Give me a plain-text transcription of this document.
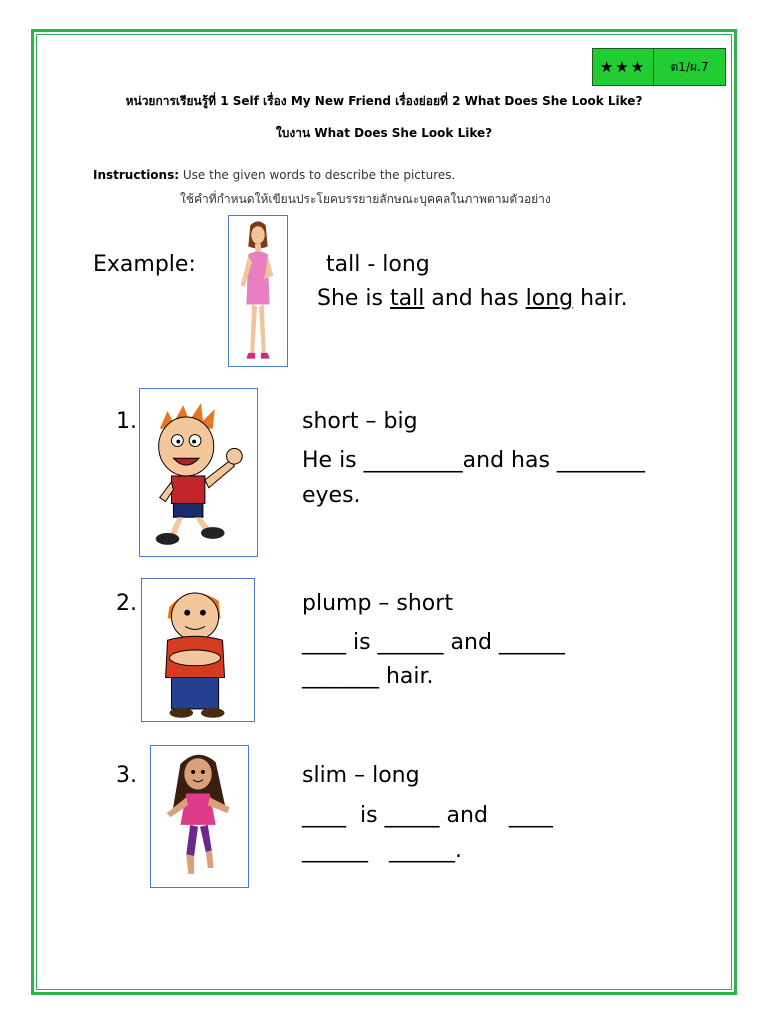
★★★	ต1/ผ.7
หน่วยการเรียนรู้ที่ 1 Self เรื่อง My New Friend เรื่องย่อยที่ 2 What Does She Look Like?
ใบงาน What Does She Look Like?
Instructions: Use the given words to describe the pictures.
ใช้คำที่กำหนดให้เขียนประโยคบรรยายลักษณะบุคคลในภาพตามตัวอย่าง
Example:	tall - long
She is tall and has long hair.
1.	short – big
He is _________and has ________
eyes.
2.	plump – short
____ is ______ and ______
_______ hair.
3.	slim – long
____  is _____ and   ____
______   ______.
